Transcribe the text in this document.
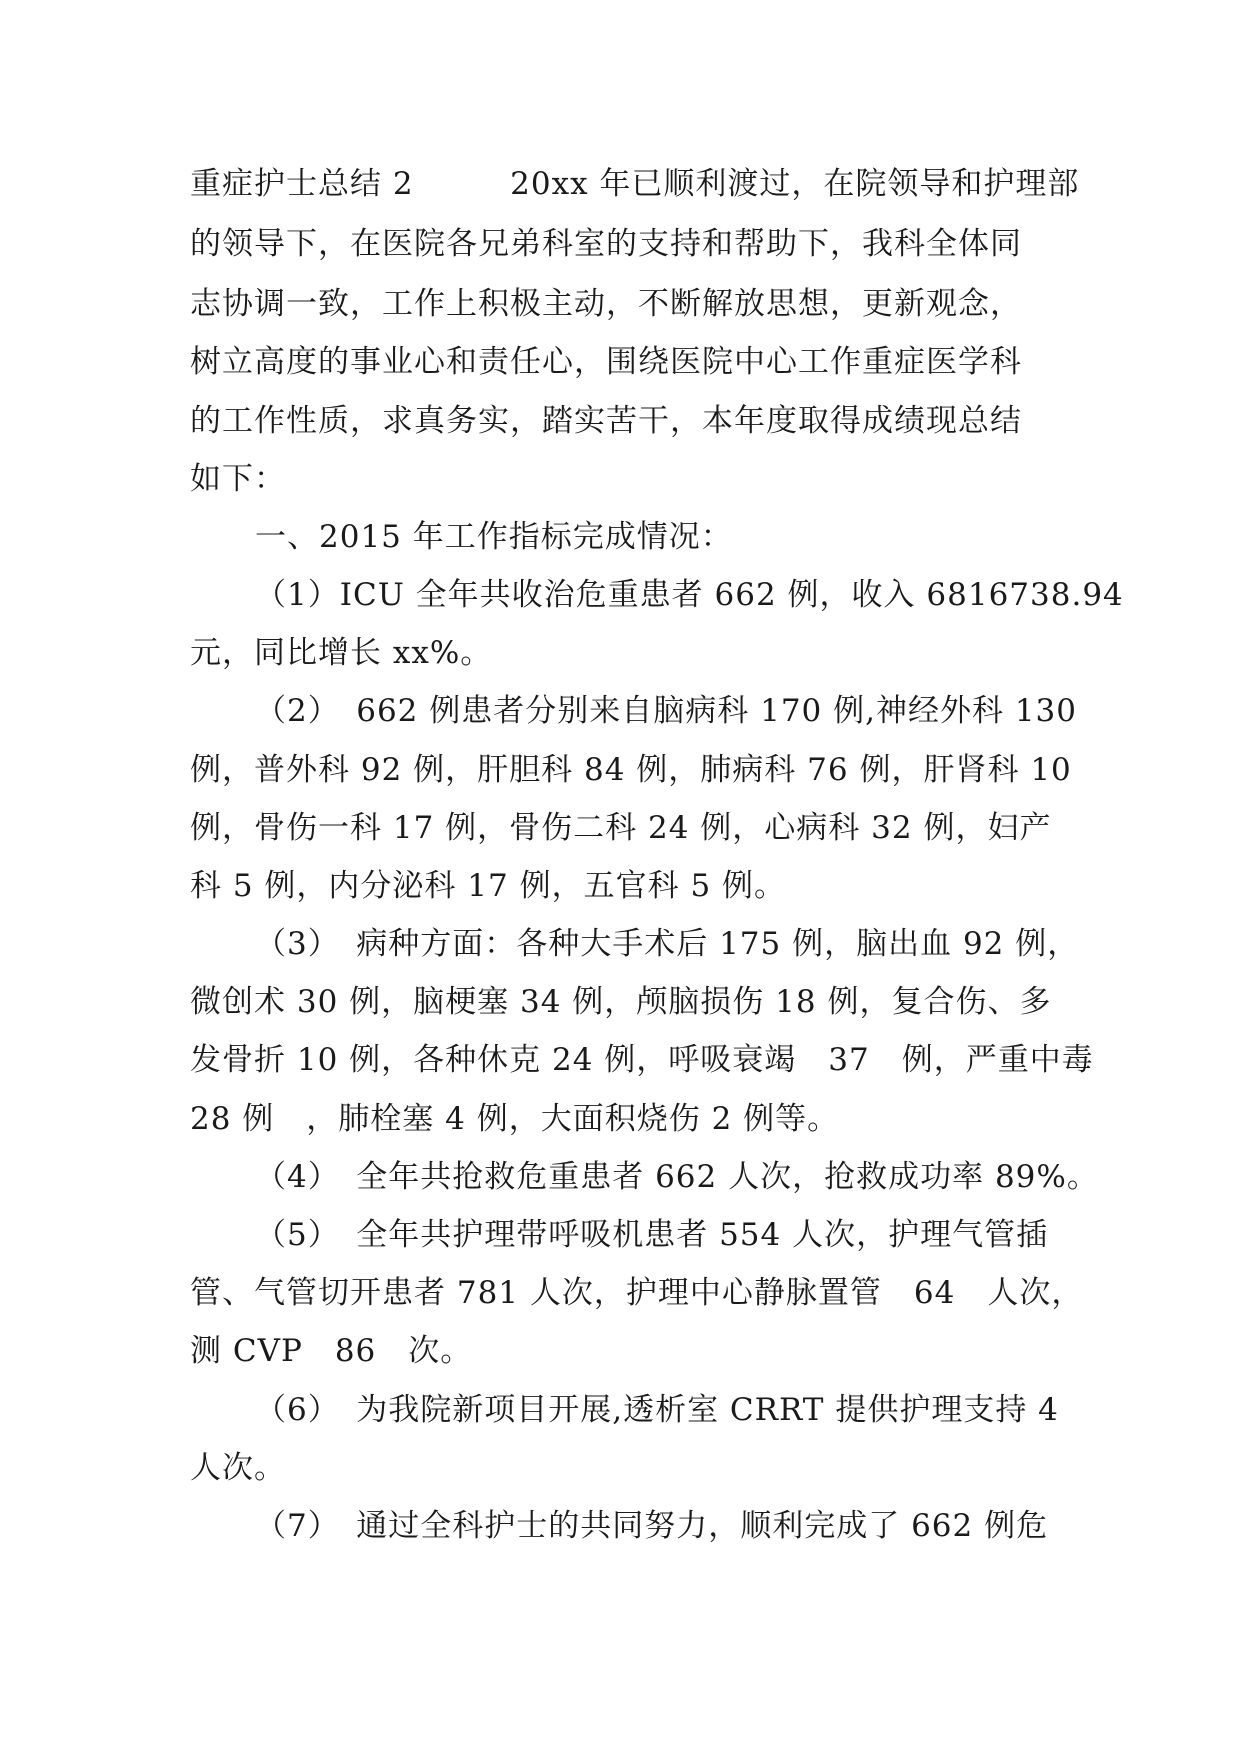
重症护士总结 2 　 　 20xx 年已顺利渡过，在院领导和护理部
的领导下，在医院各兄弟科室的支持和帮助下，我科全体同
志协调一致，工作上积极主动，不断解放思想，更新观念，
树立高度的事业心和责任心，围绕医院中心工作重症医学科
的工作性质，求真务实，踏实苦干，本年度取得成绩现总结
如下：
一、2015 年工作指标完成情况：
（1）ICU 全年共收治危重患者 662 例，收入 6816738.94
元，同比增长 xx%。
（2）　662 例患者分别来自脑病科 170 例,神经外科 130
例，普外科 92 例，肝胆科 84 例，肺病科 76 例，肝肾科 10
例，骨伤一科 17 例，骨伤二科 24 例，心病科 32 例，妇产
科 5 例，内分泌科 17 例，五官科 5 例。
（3）　病种方面：各种大手术后 175 例，脑出血 92 例，
微创术 30 例，脑梗塞 34 例，颅脑损伤 18 例，复合伤、多
发骨折 10 例，各种休克 24 例，呼吸衰竭　37　例，严重中毒
28 例　，肺栓塞 4 例，大面积烧伤 2 例等。
（4）　全年共抢救危重患者 662 人次，抢救成功率 89%。
（5）　全年共护理带呼吸机患者 554 人次，护理气管插
管、气管切开患者 781 人次，护理中心静脉置管　64　人次，
测 CVP　86　次。
（6）　为我院新项目开展,透析室 CRRT 提供护理支持 4
人次。
（7）　通过全科护士的共同努力，顺利完成了 662 例危
